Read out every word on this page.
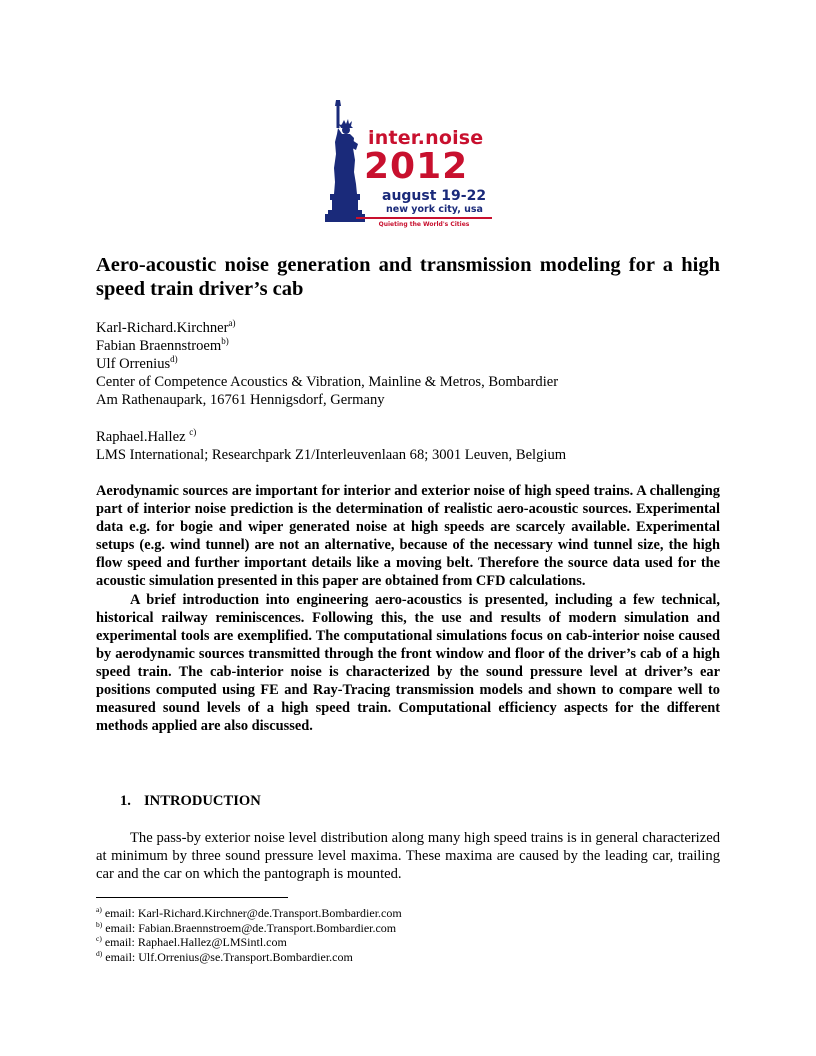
inter.noise
2012
august 19-22
new york city, usa
Quieting the World's Cities
Aero-acoustic noise generation and transmission modeling for a high speed train driver’s cab
Karl-Richard.Kirchner$^{a)}$
Fabian Braennstroem$^{b)}$
Ulf Orrenius$^{d)}$
Center of Competence Acoustics & Vibration, Mainline & Metros, Bombardier
Am Rathenaupark, 16761 Hennigsdorf, Germany
Raphael.Hallez $^{c)}$
LMS International; Researchpark Z1/Interleuvenlaan 68; 3001 Leuven, Belgium

Aerodynamic sources are important for interior and exterior noise of high speed trains. A challenging part of interior noise prediction is the determination of realistic aero-acoustic sources. Experimental data e.g. for bogie and wiper generated noise at high speeds are scarcely available. Experimental setups (e.g. wind tunnel) are not an alternative, because of the necessary wind tunnel size, the high flow speed and further important details like a moving belt. Therefore the source data used for the acoustic simulation presented in this paper are obtained from CFD calculations.

A brief introduction into engineering aero-acoustics is presented, including a few technical, historical railway reminiscences. Following this, the use and results of modern simulation and experimental tools are exemplified. The computational simulations focus on cab-interior noise caused by aerodynamic sources transmitted through the front window and floor of the driver’s cab of a high speed train. The cab-interior noise is characterized by the sound pressure level at driver’s ear positions computed using FE and Ray-Tracing transmission models and shown to compare well to measured sound levels of a high speed train. Computational efficiency aspects for the different methods applied are also discussed.

1. INTRODUCTION

The pass-by exterior noise level distribution along many high speed trains is in general characterized at minimum by three sound pressure level maxima. These maxima are caused by the leading car, trailing car and the car on which the pantograph is mounted.

$^{a)}$ email: Karl-Richard.Kirchner@de.Transport.Bombardier.com
$^{b)}$ email: Fabian.Braennstroem@de.Transport.Bombardier.com
$^{c)}$ email: Raphael.Hallez@LMSintl.com
$^{d)}$ email: Ulf.Orrenius@se.Transport.Bombardier.com
